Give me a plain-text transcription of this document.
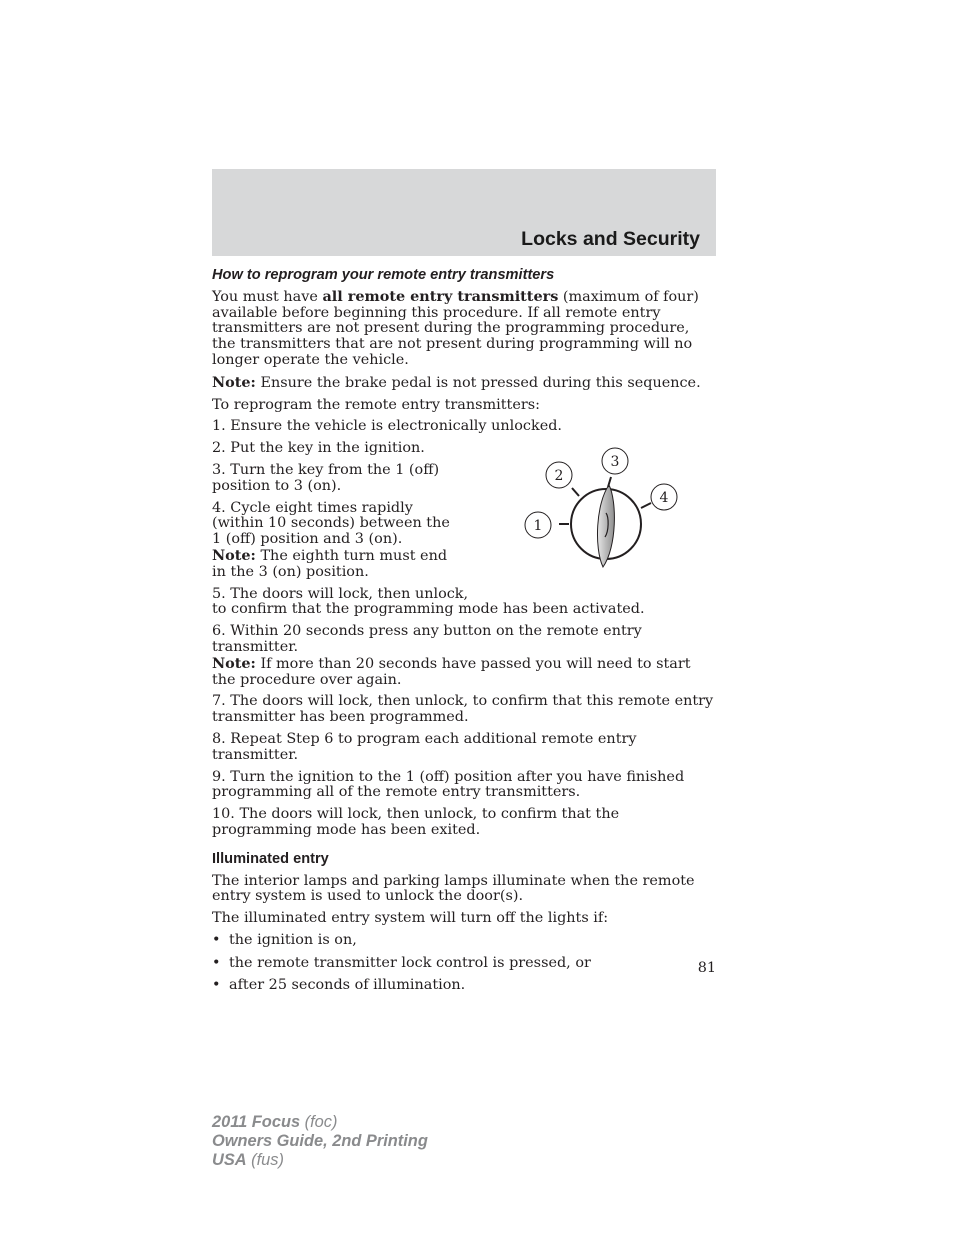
Locks and Security
How to reprogram your remote entry transmitters

You must have all remote entry transmitters (maximum of four) available before beginning this procedure. If all remote entry transmitters are not present during the programming procedure, the transmitters that are not present during programming will no longer operate the vehicle.

Note: Ensure the brake pedal is not pressed during this sequence.

To reprogram the remote entry transmitters:

1. Ensure the vehicle is electronically unlocked.

2. Put the key in the ignition.

3. Turn the key from the 1 (off) position to 3 (on).

4. Cycle eight times rapidly (within 10 seconds) between the 1 (off) position and 3 (on).
Note: The eighth turn must end in the 3 (on) position.

5. The doors will lock, then unlock,
to confirm that the programming mode has been activated.

6. Within 20 seconds press any button on the remote entry transmitter.
Note: If more than 20 seconds have passed you will need to start the procedure over again.

7. The doors will lock, then unlock, to confirm that this remote entry transmitter has been programmed.

8. Repeat Step 6 to program each additional remote entry transmitter.

9. Turn the ignition to the 1 (off) position after you have finished programming all of the remote entry transmitters.

10. The doors will lock, then unlock, to confirm that the programming mode has been exited.

Illuminated entry

The interior lamps and parking lamps illuminate when the remote entry system is used to unlock the door(s).

The illuminated entry system will turn off the lights if:

• the ignition is on,
• the remote transmitter lock control is pressed, or
• after 25 seconds of illumination.
1
2
3
4
81
2011 Focus (foc)
Owners Guide, 2nd Printing
USA (fus)
